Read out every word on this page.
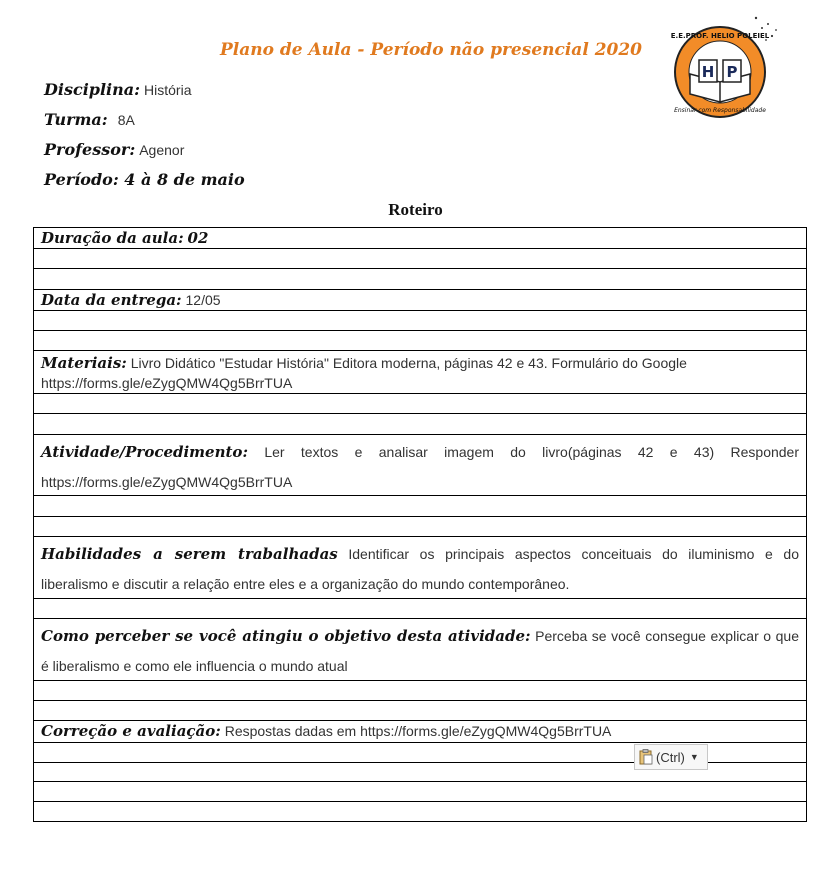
Plano de Aula - Período não presencial 2020
Disciplina: História
Turma: 8A
Professor: Agenor
Período: 4 à 8 de maio
H P
E.E.PROF. HELIO POLEIEL
Ensinar com Responsabilidade
Roteiro
Duração da aula: 02
Data da entrega: 12/05
Materiais: Livro Didático "Estudar História" Editora moderna, páginas 42 e 43. Formulário do Google
https://forms.gle/eZygQMW4Qg5BrrTUA
Atividade/Procedimento: Ler textos e analisar imagem do livro(páginas 42 e 43) Responder
https://forms.gle/eZygQMW4Qg5BrrTUA
Habilidades a serem trabalhadas Identificar os principais aspectos conceituais do iluminismo e do
liberalismo e discutir a relação entre eles e a organização do mundo contemporâneo.
Como perceber se você atingiu o objetivo desta atividade: Perceba se você consegue explicar o que
é liberalismo e como ele influencia o mundo atual
Correção e avaliação: Respostas dadas em https://forms.gle/eZygQMW4Qg5BrrTUA
(Ctrl) ▼
